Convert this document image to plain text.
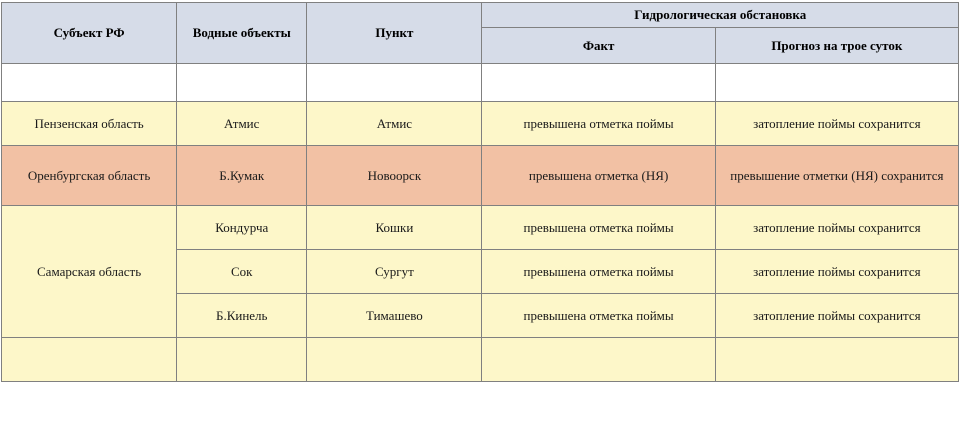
Субъект РФ	Водные объекты	Пункт	Гидрологическая обстановка	
			Факт	Прогноз на трое суток

Пензенская область	Атмис	Атмис	превышена отметка поймы	затопление поймы сохранится
Оренбургская область	Б.Кумак	Новоорск	превышена отметка (НЯ)	превышение отметки (НЯ) сохранится
Самарская область	Кондурча	Кошки	превышена отметка поймы	затопление поймы сохранится
	Сок	Сургут	превышена отметка поймы	затопление поймы сохранится
	Б.Кинель	Тимашево	превышена отметка поймы	затопление поймы сохранится
